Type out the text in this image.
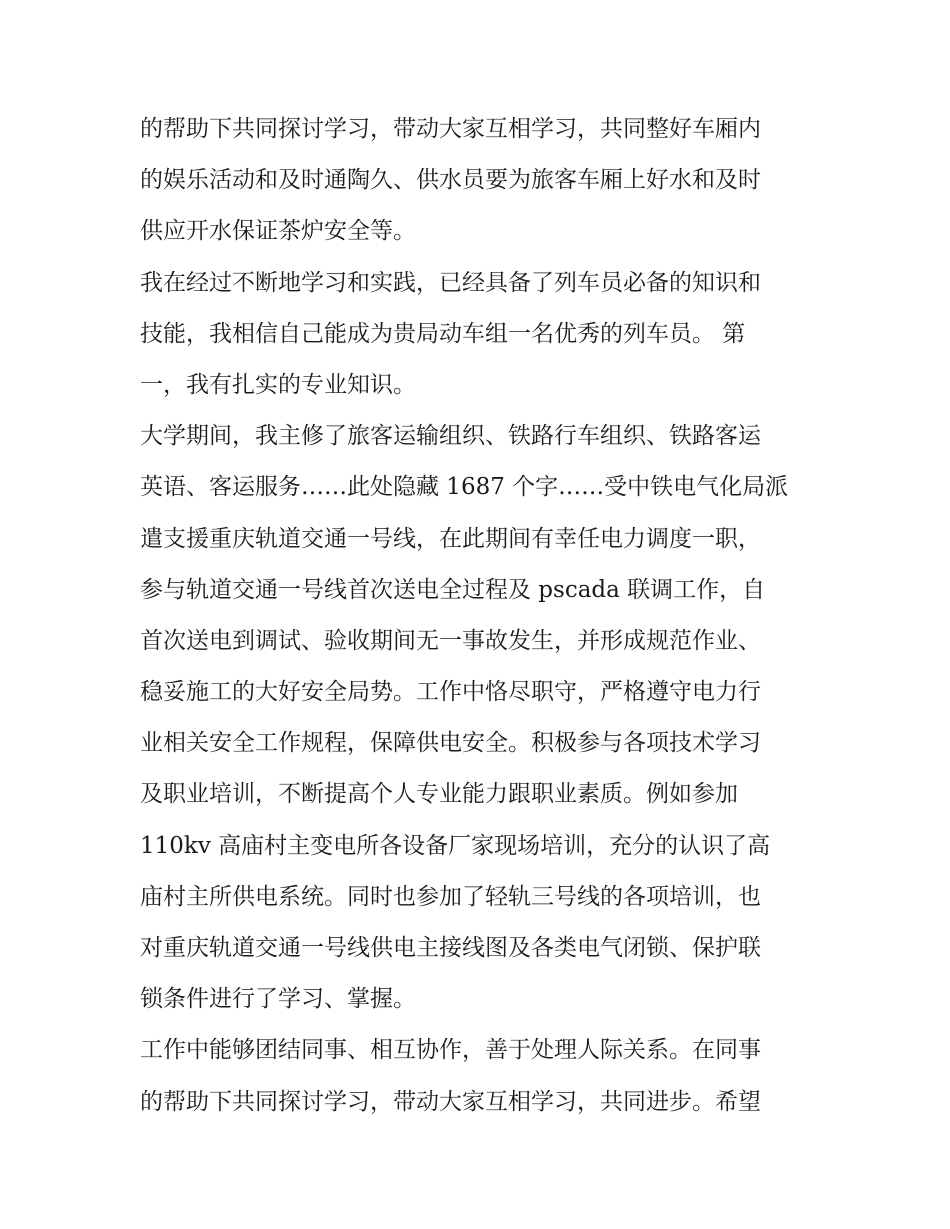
的帮助下共同探讨学习，带动大家互相学习，共同整好车厢内
的娱乐活动和及时通陶久、供水员要为旅客车厢上好水和及时
供应开水保证茶炉安全等。
我在经过不断地学习和实践，已经具备了列车员必备的知识和
技能，我相信自己能成为贵局动车组一名优秀的列车员。 第
一，我有扎实的专业知识。
大学期间，我主修了旅客运输组织、铁路行车组织、铁路客运
英语、客运服务……此处隐藏 1687 个字……受中铁电气化局派
遣支援重庆轨道交通一号线，在此期间有幸任电力调度一职，
参与轨道交通一号线首次送电全过程及 pscada 联调工作，自
首次送电到调试、验收期间无一事故发生，并形成规范作业、
稳妥施工的大好安全局势。工作中恪尽职守，严格遵守电力行
业相关安全工作规程，保障供电安全。积极参与各项技术学习
及职业培训，不断提高个人专业能力跟职业素质。例如参加
110kv 高庙村主变电所各设备厂家现场培训，充分的认识了高
庙村主所供电系统。同时也参加了轻轨三号线的各项培训，也
对重庆轨道交通一号线供电主接线图及各类电气闭锁、保护联
锁条件进行了学习、掌握。
工作中能够团结同事、相互协作，善于处理人际关系。在同事
的帮助下共同探讨学习，带动大家互相学习，共同进步。希望
